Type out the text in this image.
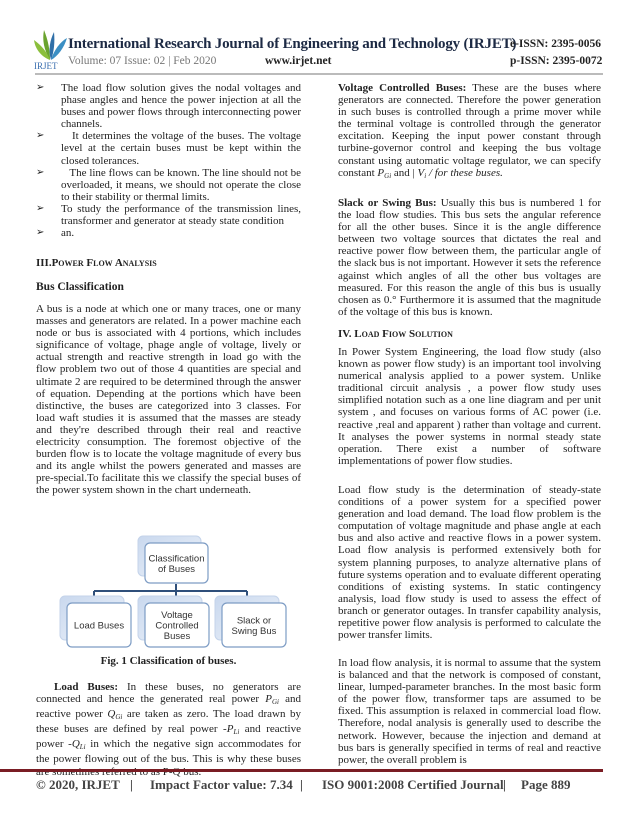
IRJET
International Research Journal of Engineering and Technology (IRJET)
Volume: 07 Issue: 02 | Feb 2020	www.irjet.net
e-ISSN: 2395-0056
p-ISSN: 2395-0072
➢ The load flow solution gives the nodal voltages and phase angles and hence the power injection at all the buses and power flows through interconnecting power channels.
➢ It determines the voltage of the buses. The voltage level at the certain buses must be kept within the closed tolerances.
➢ The line flows can be known. The line should not be overloaded, it means, we should not operate the close to their stability or thermal limits.
➢ To study the performance of the transmission lines, transformer and generator at steady state condition
➢ an.
III.Power Flow Analysis
Bus Classification
A bus is a node at which one or many traces, one or many masses and generators are related. In a power machine each node or bus is associated with 4 portions, which includes significance of voltage, phage angle of voltage, lively or actual strength and reactive strength in load go with the flow problem two out of those 4 quantities are special and ultimate 2 are required to be determined through the answer of equation. Depending at the portions which have been distinctive, the buses are categorized into 3 classes. For load waft studies it is assumed that the masses are steady and they're described through their real and reactive electricity consumption. The foremost objective of the burden flow is to locate the voltage magnitude of every bus and its angle whilst the powers generated and masses are pre-special.To facilitate this we classify the special buses of the power system shown in the chart underneath.
Classification
of Buses
Load Buses
Voltage
Controlled
Buses
Slack or
Swing Bus
Fig. 1 Classification of buses.
Load Buses: In these buses, no generators are connected and hence the generated real power $P_{Gi}$ and reactive power $Q_{Gi}$ are taken as zero. The load drawn by these buses are defined by real power $-P_{Li}$ and reactive power $-Q_{Li}$ in which the negative sign accommodates for the power flowing out of the bus. This is why these buses
Voltage Controlled Buses: These are the buses where generators are connected. Therefore the power generation in such buses is controlled through a prime mover while the terminal voltage is controlled through the generator excitation. Keeping the input power constant through turbine-governor control and keeping the bus voltage constant using automatic voltage regulator, we can specify constant $P_{Gi}$ and | $V_i$ / for these buses.
Slack or Swing Bus: Usually this bus is numbered 1 for the load flow studies. This bus sets the angular reference for all the other buses. Since it is the angle difference between two voltage sources that dictates the real and reactive power flow between them, the particular angle of the slack bus is not important. However it sets the reference against which angles of all the other bus voltages are measured. For this reason the angle of this bus is usually chosen as 0.° Furthermore it is assumed that the magnitude of the voltage of this bus is known.
IV. Load Fiow Solution
In Power System Engineering, the load flow study (also known as power flow study) is an important tool involving numerical analysis applied to a power system. Unlike traditional circuit analysis , a power flow study uses simplified notation such as a one line diagram and per unit system , and focuses on various forms of AC power (i.e. reactive ,real and apparent ) rather than voltage and current. It analyses the power systems in normal steady state operation. There exist a number of software implementations of power flow studies.
Load flow study is the determination of steady-state conditions of a power system for a specified power generation and load demand. The load flow problem is the computation of voltage magnitude and phase angle at each bus and also active and reactive flows in a power system. Load flow analysis is performed extensively both for system planning purposes, to analyze alternative plans of future systems operation and to evaluate different operating conditions of existing systems. In static contingency analysis, load flow study is used to assess the effect of branch or generator outages. In transfer capability analysis, repetitive power flow analysis is performed to calculate the power transfer limits.
In load flow analysis, it is normal to assume that the system is balanced and that the network is composed of constant, linear, lumped-parameter branches. In the most basic form of the power flow, transformer taps are assumed to be fixed. This assumption is relaxed in commercial load flow. Therefore, nodal analysis is generally used to describe the network. However, because the injection and demand at bus bars is generally specified in terms of real and reactive power, the overall problem is
© 2020, IRJET | Impact Factor value: 7.34 | ISO 9001:2008 Certified Journal | Page 889
